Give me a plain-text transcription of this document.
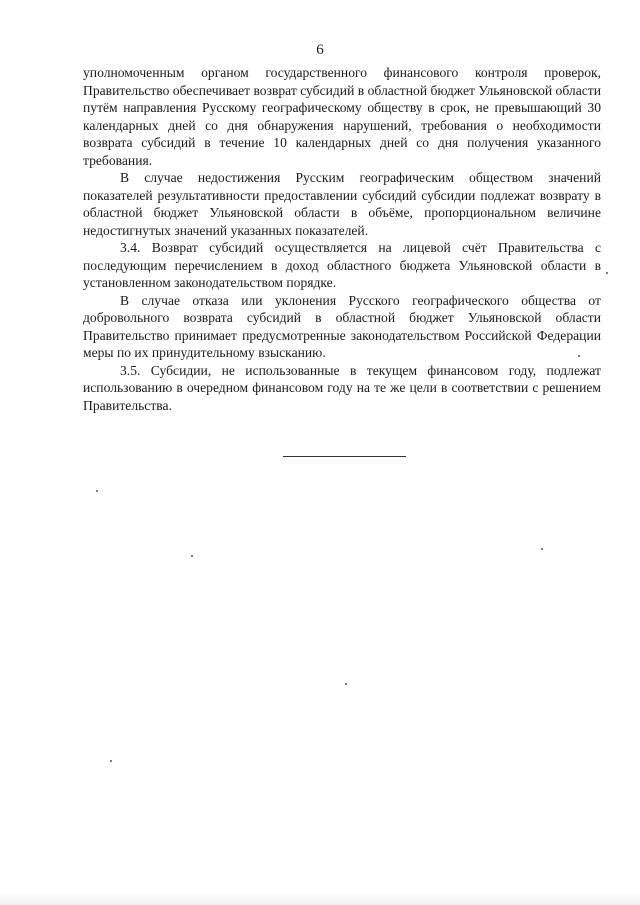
6

уполномоченным органом государственного финансового контроля проверок, Правительство обеспечивает возврат субсидий в областной бюджет Ульяновской области путём направления Русскому географическому обществу в срок, не превышающий 30 календарных дней со дня обнаружения нарушений, требования о необходимости возврата субсидий в течение 10 календарных дней со дня получения указанного требования.

В случае недостижения Русским географическим обществом значений показателей результативности предоставлении субсидий субсидии подлежат возврату в областной бюджет Ульяновской области в объёме, пропорциональном величине недостигнутых значений указанных показателей.

3.4. Возврат субсидий осуществляется на лицевой счёт Правительства с последующим перечислением в доход областного бюджета Ульяновской области в установленном законодательством порядке.

В случае отказа или уклонения Русского географического общества от добровольного возврата субсидий в областной бюджет Ульяновской области Правительство принимает предусмотренные законодательством Российской Федерации меры по их принудительному взысканию.

3.5. Субсидии, не использованные в текущем финансовом году, подлежат использованию в очередном финансовом году на те же цели в соответствии с решением Правительства.
